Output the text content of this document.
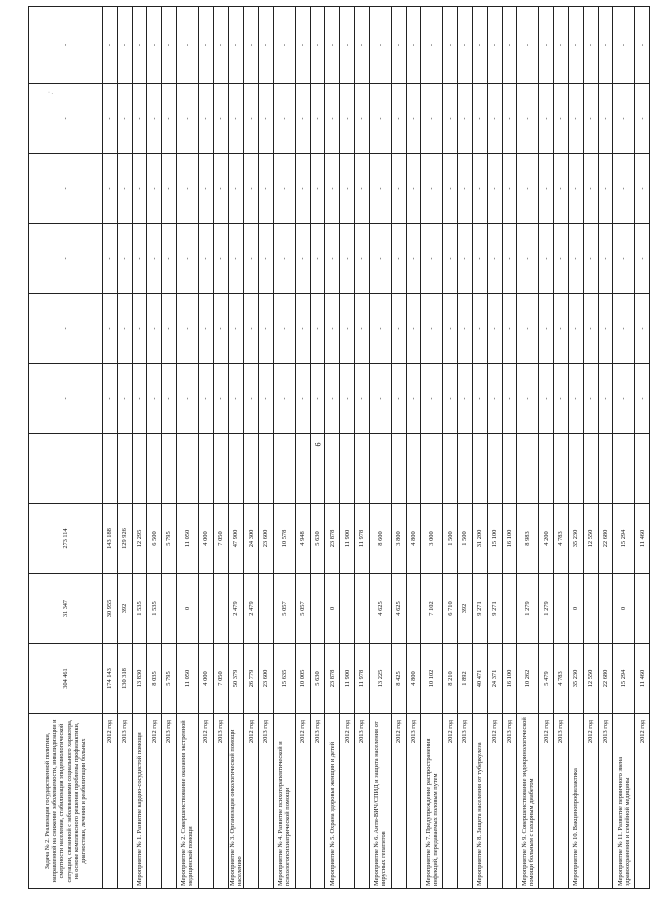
· .
6
Задача № 2. Реализация государственной политики, направленной на снижение заболеваемости, инвалидизации и смертности населения, стабилизация эпидемиологической ситуации, связанной с заболеваниями социального характера, на основе комплексного решения проблемы профилактики, диагностики, лечения и реабилитации больных	304 461	31 347	273 114		-	-	-	-	-	-
2012 год	174 143	30 955	143 188		-	-	-	-	-	-
2013 год	130 318	392	129 926		-	-	-	-	-	-
Мероприятие № 1. Развитие кардио-сосудистой помощи	13 830	1 535	12 295		-	-	-	-	-	-
2012 год	8 035	1 535	6 500		-	-	-	-	-	-
2013 год	5 795		5 795		-	-	-	-	-	-
Мероприятие № 2. Совершенствование оказания экстренной медицинской помощи	11 050	0	11 050		-	-	-	-	-	-
2012 год	4 000		4 000		-	-	-	-	-	-
2013 год	7 050		7 050		-	-	-	-	-	-
Мероприятие № 3. Организация онкологической помощи населению	50 379	2 479	47 900		-	-	-	-	-	-
2012 год	26 779	2 479	24 300		-	-	-	-	-	-
2013 год	23 600		23 600		-	-	-	-	-	-
Мероприятие № 4. Развитие психотерапевтической и психологопсихиатрической помощи	15 635	5 057	10 578		-	-	-	-	-	-
2012 год	10 005	5 057	4 948		-	-	-	-	-	-
2013 год	5 630		5 630		-	-	-	-	-	-
Мероприятие № 5. Охрана здоровья женщин и детей	23 878	0	23 878		-	-	-	-	-	-
2012 год	11 900		11 900		-	-	-	-	-	-
2013 год	11 978		11 978		-	-	-	-	-	-
Мероприятие № 6. Анти-ВИЧ/СПИД и защита населения от вирусных гепатитов	13 225	4 625	8 600		-	-	-	-	-	-
2012 год	8 425	4 625	3 800		-	-	-	-	-	-
2013 год	4 800		4 800		-	-	-	-	-	-
Мероприятие № 7. Предупреждение распространения инфекций, передаваемых половым путем	10 102	7 102	3 000		-	-	-	-	-	-
2012 год	8 210	6 710	1 500		-	-	-	-	-	-
2013 год	1 892	392	1 500		-	-	-	-	-	-
Мероприятие № 8. Защита населения от туберкулеза	40 471	9 271	31 200		-	-	-	-	-	-
2012 год	24 371	9 271	15 100		-	-	-	-	-	-
2013 год	16 100		16 100		-	-	-	-	-	-
Мероприятие № 9. Совершенствование эндокринологической помощи больным с сахарным диабетом	10 262	1 279	8 983		-	-	-	-	-	-
2012 год	5 479	1 279	4 200		-	-	-	-	-	-
2013 год	4 783		4 783		-	-	-	-	-	-
Мероприятие № 10. Вакцинопрофилактика	35 230	0	35 230		-	-	-	-	-	-
2012 год	12 550		12 550		-	-	-	-	-	-
2013 год	22 680		22 680		-	-	-	-	-	-
Мероприятие № 11. Развитие первичного звена здравоохранения и семейной медицины	15 294	0	15 294		-	-	-	-	-	-
2012 год	11 460		11 460		-	-	-	-	-	-
